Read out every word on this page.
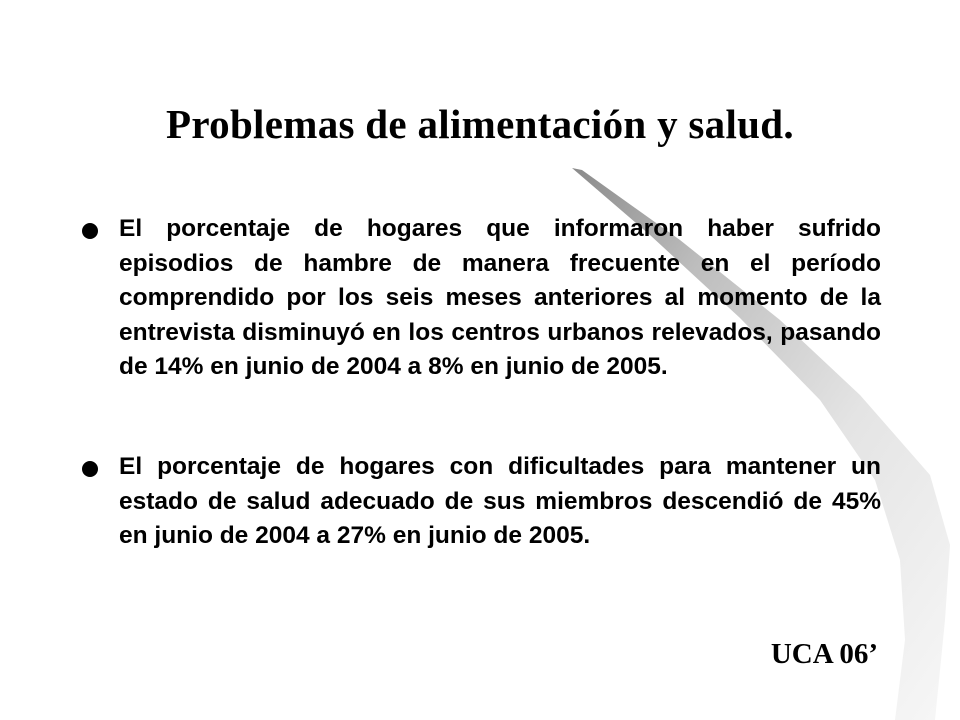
Problemas de alimentación y salud.
El porcentaje de hogares que informaron haber sufrido episodios de hambre de manera frecuente en el período comprendido por los seis meses anteriores al momento de la entrevista disminuyó en los centros urbanos relevados, pasando de 14% en junio de 2004 a 8% en junio de 2005.
El porcentaje de hogares con dificultades para mantener un estado de salud adecuado de sus miembros descendió de 45% en junio de 2004 a 27% en junio de 2005.
UCA 06’
